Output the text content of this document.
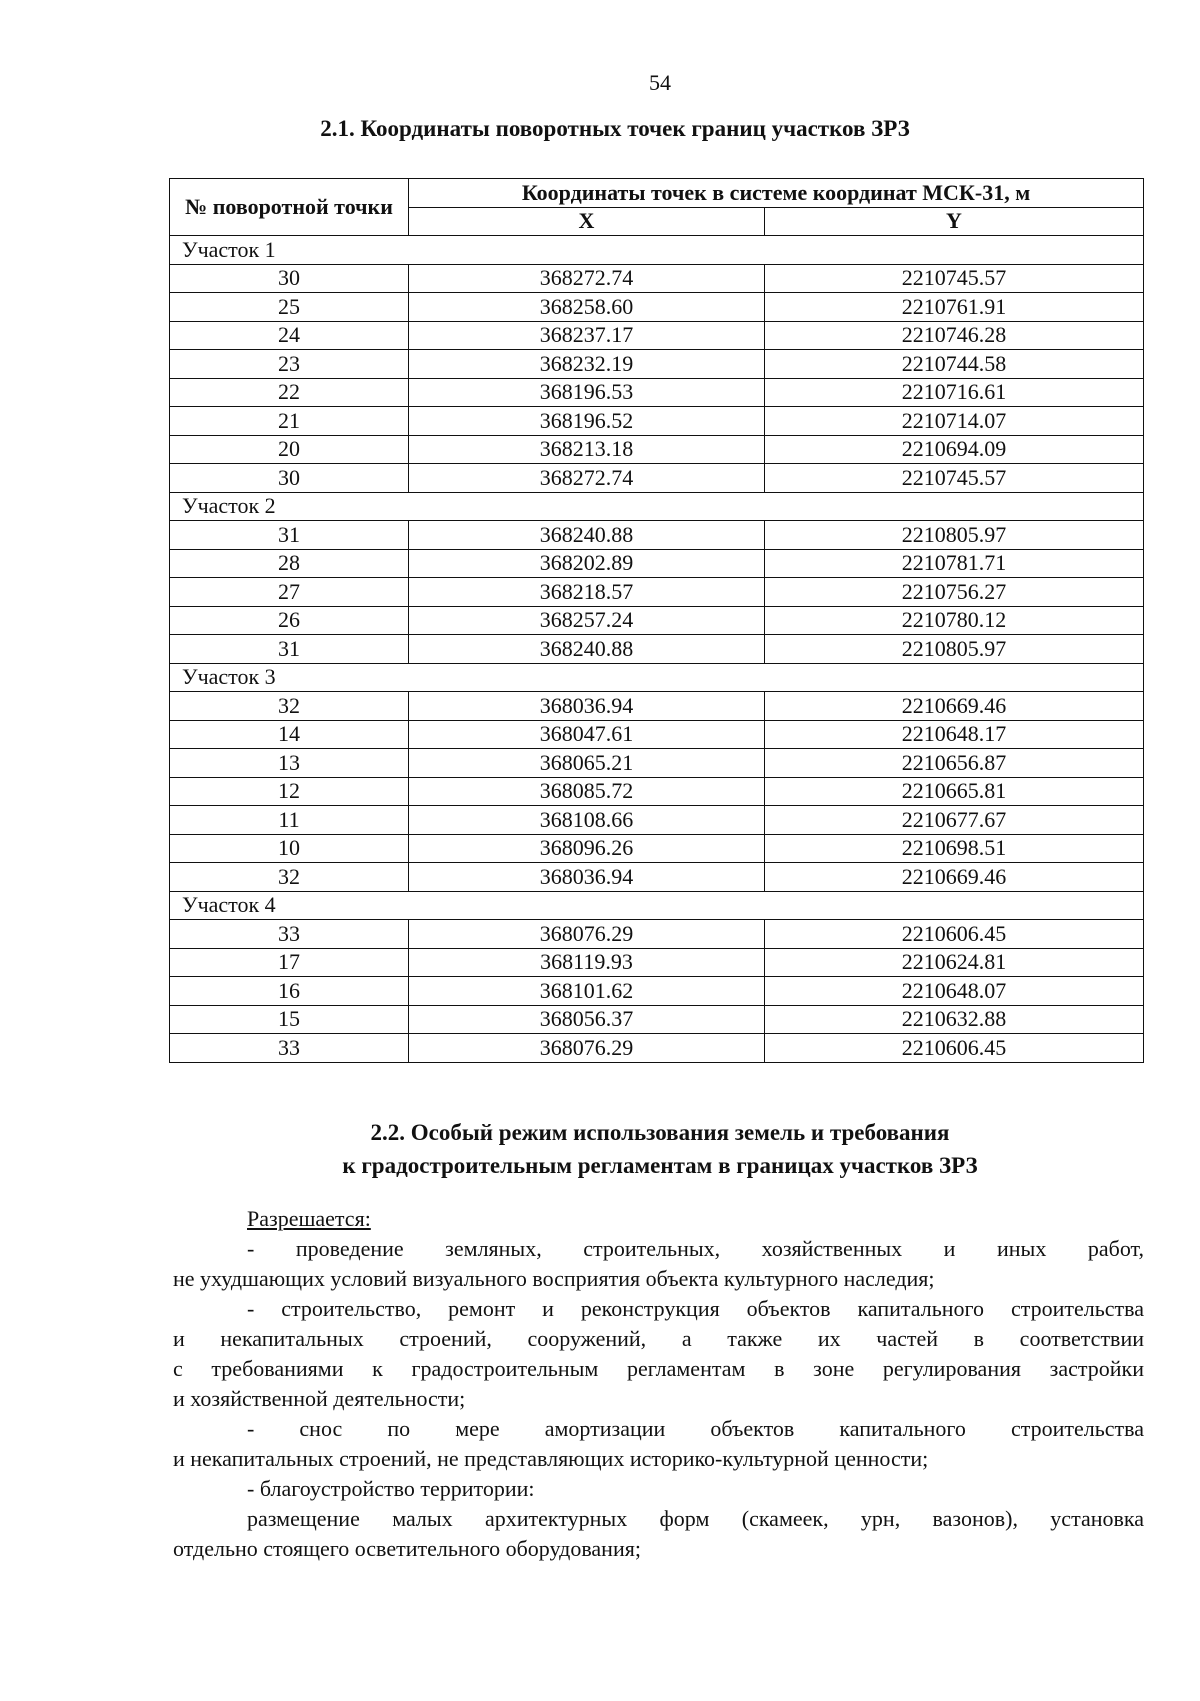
54
2.1. Координаты поворотных точек границ участков ЗРЗ
№ поворотной точки	Координаты точек в системе координат МСК-31, м	
	X	Y
Участок 1		
30	368272.74	2210745.57
25	368258.60	2210761.91
24	368237.17	2210746.28
23	368232.19	2210744.58
22	368196.53	2210716.61
21	368196.52	2210714.07
20	368213.18	2210694.09
30	368272.74	2210745.57
Участок 2		
31	368240.88	2210805.97
28	368202.89	2210781.71
27	368218.57	2210756.27
26	368257.24	2210780.12
31	368240.88	2210805.97
Участок 3		
32	368036.94	2210669.46
14	368047.61	2210648.17
13	368065.21	2210656.87
12	368085.72	2210665.81
11	368108.66	2210677.67
10	368096.26	2210698.51
32	368036.94	2210669.46
Участок 4		
33	368076.29	2210606.45
17	368119.93	2210624.81
16	368101.62	2210648.07
15	368056.37	2210632.88
33	368076.29	2210606.45
2.2. Особый режим использования земель и требования
к градостроительным регламентам в границах участков ЗРЗ
Разрешается:
- проведение земляных, строительных, хозяйственных и иных работ,
не ухудшающих условий визуального восприятия объекта культурного наследия;
- строительство, ремонт и реконструкция объектов капитального строительства
и некапитальных строений, сооружений, а также их частей в соответствии
с требованиями к градостроительным регламентам в зоне регулирования застройки
и хозяйственной деятельности;
- снос по мере амортизации объектов капитального строительства
и некапитальных строений, не представляющих историко-культурной ценности;
- благоустройство территории:
размещение малых архитектурных форм (скамеек, урн, вазонов), установка
отдельно стоящего осветительного оборудования;
